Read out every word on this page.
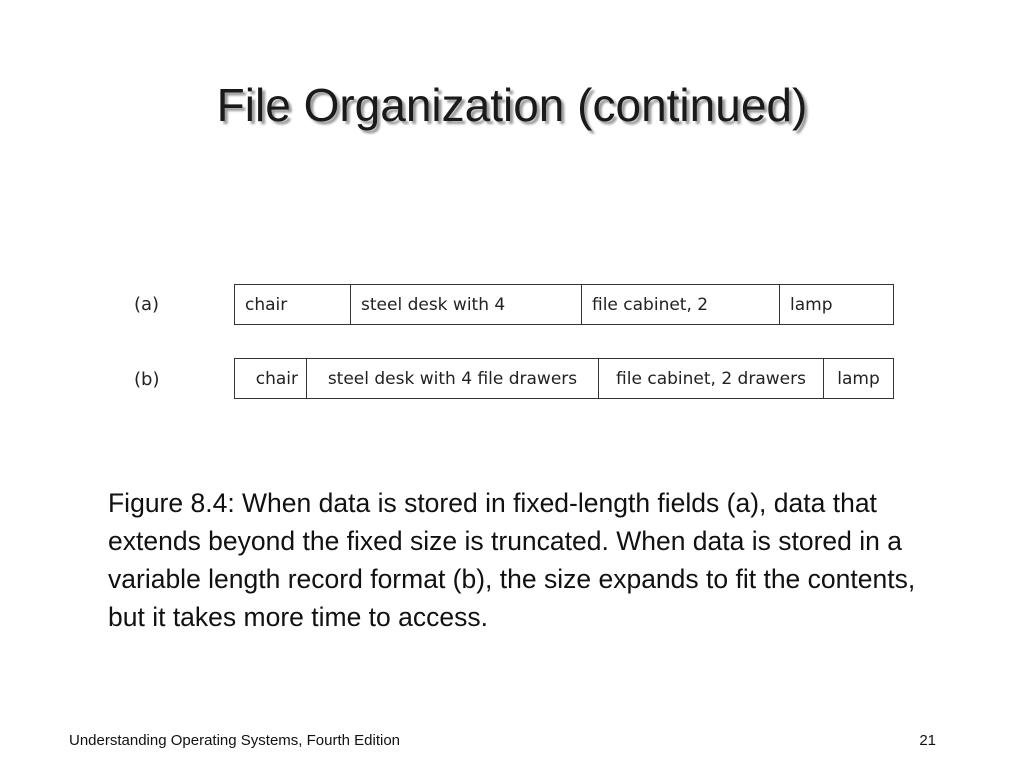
File Organization (continued)
(a)	chair	steel desk with 4	file cabinet, 2	lamp
(b)	chair	steel desk with 4 file drawers	file cabinet, 2 drawers	lamp
Figure 8.4: When data is stored in fixed-length fields (a), data that extends beyond the fixed size is truncated. When data is stored in a variable length record format (b), the size expands to fit the contents, but it takes more time to access.
Understanding Operating Systems, Fourth Edition	21
